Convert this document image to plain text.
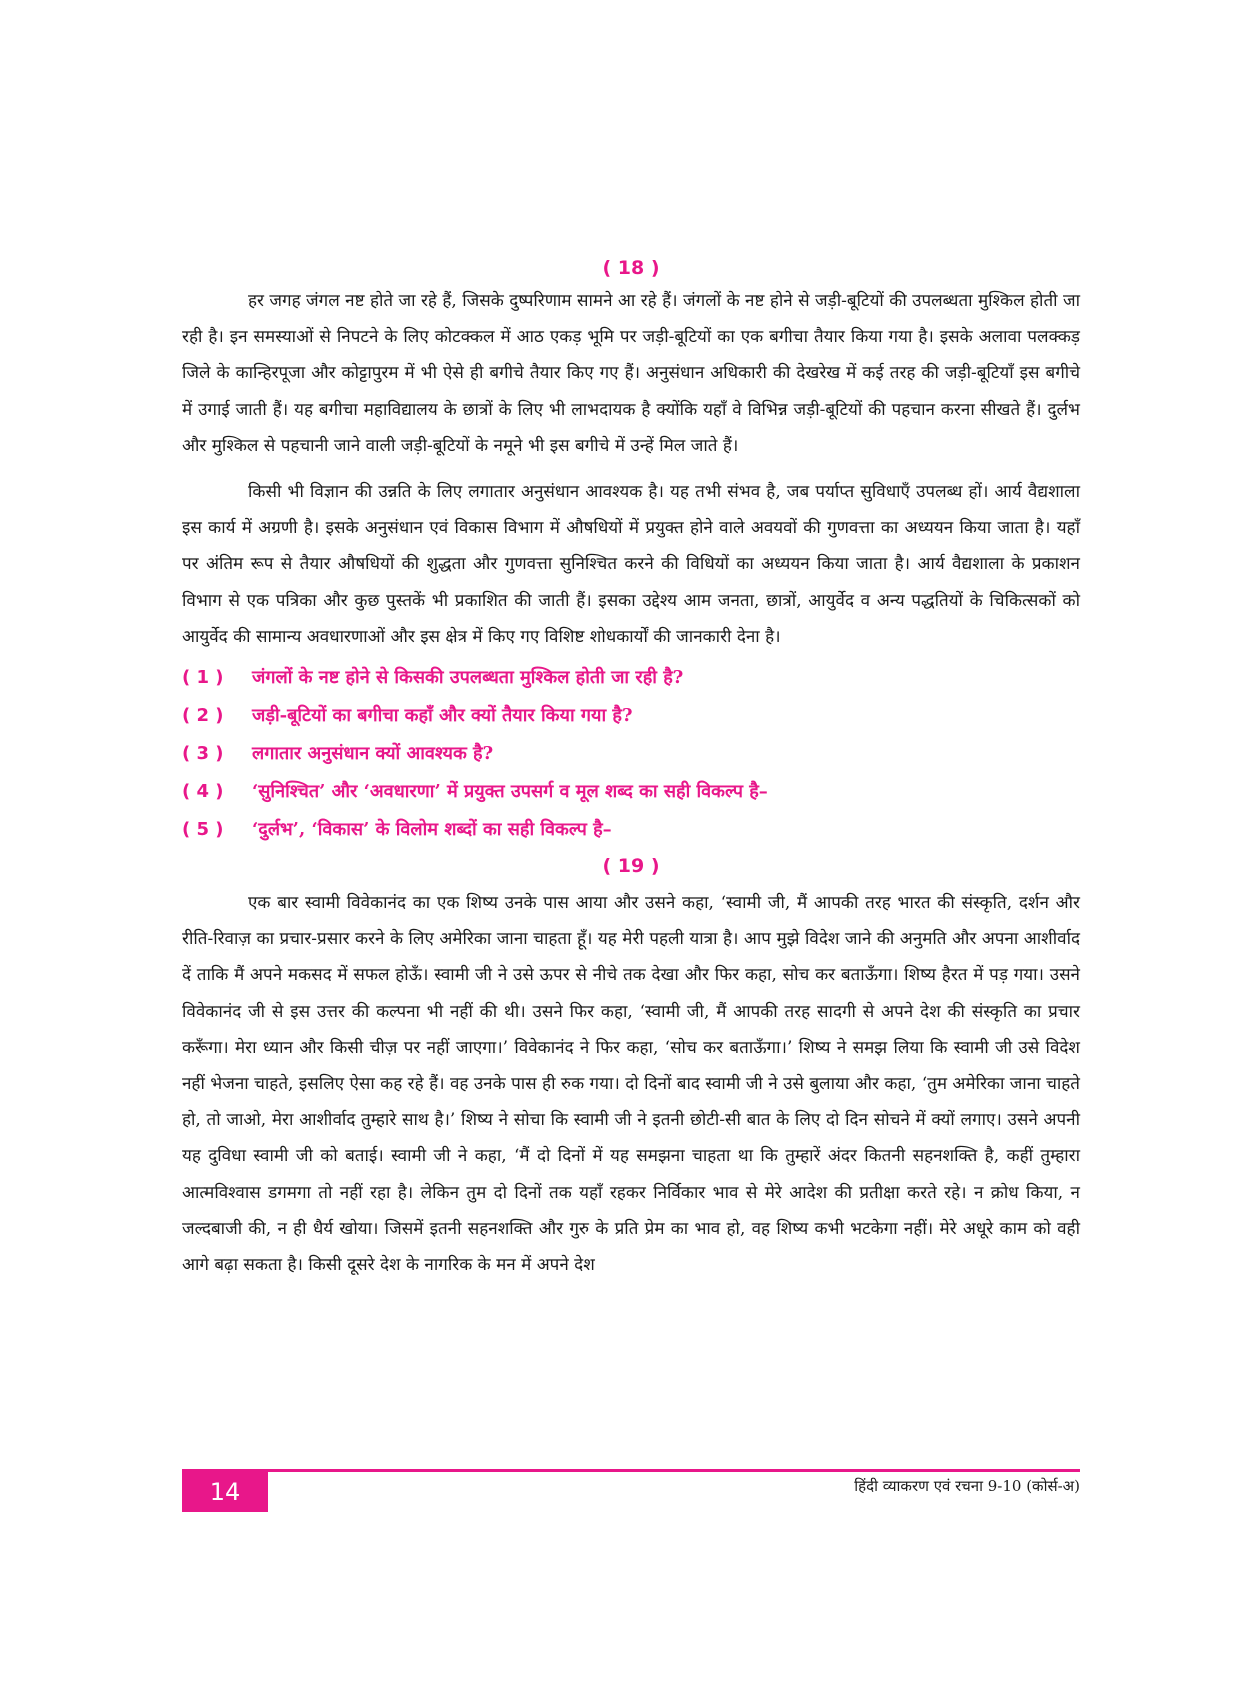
( 18 )

हर जगह जंगल नष्ट होते जा रहे हैं, जिसके दुष्परिणाम सामने आ रहे हैं। जंगलों के नष्ट होने से जड़ी-बूटियों की उपलब्धता मुश्किल होती जा रही है। इन समस्याओं से निपटने के लिए कोटक्कल में आठ एकड़ भूमि पर जड़ी-बूटियों का एक बगीचा तैयार किया गया है। इसके अलावा पलक्कड़ जिले के कान्हिरपूजा और कोट्टापुरम में भी ऐसे ही बगीचे तैयार किए गए हैं। अनुसंधान अधिकारी की देखरेख में कई तरह की जड़ी-बूटियाँ इस बगीचे में उगाई जाती हैं। यह बगीचा महाविद्यालय के छात्रों के लिए भी लाभदायक है क्योंकि यहाँ वे विभिन्न जड़ी-बूटियों की पहचान करना सीखते हैं। दुर्लभ और मुश्किल से पहचानी जाने वाली जड़ी-बूटियों के नमूने भी इस बगीचे में उन्हें मिल जाते हैं।

किसी भी विज्ञान की उन्नति के लिए लगातार अनुसंधान आवश्यक है। यह तभी संभव है, जब पर्याप्त सुविधाएँ उपलब्ध हों। आर्य वैद्यशाला इस कार्य में अग्रणी है। इसके अनुसंधान एवं विकास विभाग में औषधियों में प्रयुक्त होने वाले अवयवों की गुणवत्ता का अध्ययन किया जाता है। यहाँ पर अंतिम रूप से तैयार औषधियों की शुद्धता और गुणवत्ता सुनिश्चित करने की विधियों का अध्ययन किया जाता है। आर्य वैद्यशाला के प्रकाशन विभाग से एक पत्रिका और कुछ पुस्तकें भी प्रकाशित की जाती हैं। इसका उद्देश्य आम जनता, छात्रों, आयुर्वेद व अन्य पद्धतियों के चिकित्सकों को आयुर्वेद की सामान्य अवधारणाओं और इस क्षेत्र में किए गए विशिष्ट शोधकार्यों की जानकारी देना है।

( 1 )	जंगलों के नष्ट होने से किसकी उपलब्धता मुश्किल होती जा रही है?
( 2 )	जड़ी-बूटियों का बगीचा कहाँ और क्यों तैयार किया गया है?
( 3 )	लगातार अनुसंधान क्यों आवश्यक है?
( 4 )	‘सुनिश्चित’ और ‘अवधारणा’ में प्रयुक्त उपसर्ग व मूल शब्द का सही विकल्प है–
( 5 )	‘दुर्लभ’, ‘विकास’ के विलोम शब्दों का सही विकल्प है–

( 19 )

एक बार स्वामी विवेकानंद का एक शिष्य उनके पास आया और उसने कहा, ‘स्वामी जी, मैं आपकी तरह भारत की संस्कृति, दर्शन और रीति-रिवाज़ का प्रचार-प्रसार करने के लिए अमेरिका जाना चाहता हूँ। यह मेरी पहली यात्रा है। आप मुझे विदेश जाने की अनुमति और अपना आशीर्वाद दें ताकि मैं अपने मकसद में सफल होऊँ। स्वामी जी ने उसे ऊपर से नीचे तक देखा और फिर कहा, सोच कर बताऊँगा। शिष्य हैरत में पड़ गया। उसने विवेकानंद जी से इस उत्तर की कल्पना भी नहीं की थी। उसने फिर कहा, ‘स्वामी जी, मैं आपकी तरह सादगी से अपने देश की संस्कृति का प्रचार करूँगा। मेरा ध्यान और किसी चीज़ पर नहीं जाएगा।’ विवेकानंद ने फिर कहा, ‘सोच कर बताऊँगा।’ शिष्य ने समझ लिया कि स्वामी जी उसे विदेश नहीं भेजना चाहते, इसलिए ऐसा कह रहे हैं। वह उनके पास ही रुक गया। दो दिनों बाद स्वामी जी ने उसे बुलाया और कहा, ‘तुम अमेरिका जाना चाहते हो, तो जाओ, मेरा आशीर्वाद तुम्हारे साथ है।’ शिष्य ने सोचा कि स्वामी जी ने इतनी छोटी-सी बात के लिए दो दिन सोचने में क्यों लगाए। उसने अपनी यह दुविधा स्वामी जी को बताई। स्वामी जी ने कहा, ‘मैं दो दिनों में यह समझना चाहता था कि तुम्हारें अंदर कितनी सहनशक्ति है, कहीं तुम्हारा आत्मविश्वास डगमगा तो नहीं रहा है। लेकिन तुम दो दिनों तक यहाँ रहकर निर्विकार भाव से मेरे आदेश की प्रतीक्षा करते रहे। न क्रोध किया, न जल्दबाजी की, न ही धैर्य खोया। जिसमें इतनी सहनशक्ति और गुरु के प्रति प्रेम का भाव हो, वह शिष्य कभी भटकेगा नहीं। मेरे अधूरे काम को वही आगे बढ़ा सकता है। किसी दूसरे देश के नागरिक के मन में अपने देश

14	हिंदी व्याकरण एवं रचना 9-10 (कोर्स-अ)
